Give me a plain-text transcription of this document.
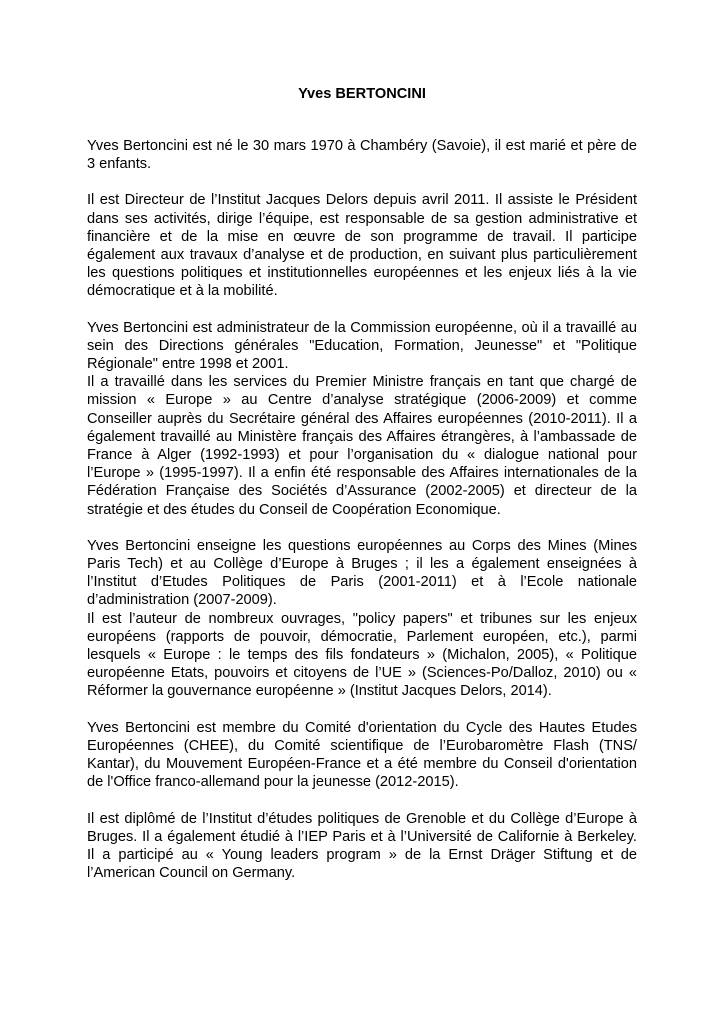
Yves BERTONCINI

Yves Bertoncini est né le 30 mars 1970 à Chambéry (Savoie), il est marié et père de 3 enfants.

Il est Directeur de l’Institut Jacques Delors depuis avril 2011. Il assiste le Président dans ses activités, dirige l’équipe, est responsable de sa gestion administrative et financière et de la mise en œuvre de son programme de travail. Il participe également aux travaux d’analyse et de production, en suivant plus particulièrement les questions politiques et institutionnelles européennes et les enjeux liés à la vie démocratique et à la mobilité.

Yves Bertoncini est administrateur de la Commission européenne, où il a travaillé au sein des Directions générales "Education, Formation, Jeunesse" et "Politique Régionale" entre 1998 et 2001.

Il a travaillé dans les services du Premier Ministre français en tant que chargé de mission « Europe » au Centre d’analyse stratégique (2006-2009) et comme Conseiller auprès du Secrétaire général des Affaires européennes (2010-2011). Il a également travaillé au Ministère français des Affaires étrangères, à l’ambassade de France à Alger (1992-1993) et pour l’organisation du « dialogue national pour l’Europe » (1995-1997). Il a enfin été responsable des Affaires internationales de la Fédération Française des Sociétés d’Assurance (2002-2005) et directeur de la stratégie et des études du Conseil de Coopération Economique.

Yves Bertoncini enseigne les questions européennes au Corps des Mines (Mines Paris Tech) et au Collège d’Europe à Bruges ; il les a également enseignées à l’Institut d’Etudes Politiques de Paris (2001-2011) et à l’Ecole nationale d’administration (2007-2009).

Il est l’auteur de nombreux ouvrages, "policy papers" et tribunes sur les enjeux européens (rapports de pouvoir, démocratie, Parlement européen, etc.), parmi lesquels « Europe : le temps des fils fondateurs » (Michalon, 2005), « Politique européenne Etats, pouvoirs et citoyens de l’UE » (Sciences-Po/Dalloz, 2010) ou « Réformer la gouvernance européenne » (Institut Jacques Delors, 2014).

Yves Bertoncini est membre du Comité d'orientation du Cycle des Hautes Etudes Européennes (CHEE), du Comité scientifique de l’Eurobaromètre Flash (TNS/ Kantar), du Mouvement Européen-France et a été membre du Conseil d'orientation de l'Office franco-allemand pour la jeunesse (2012-2015).

Il est diplômé de l’Institut d’études politiques de Grenoble et du Collège d’Europe à Bruges. Il a également étudié à l’IEP Paris et à l’Université de Californie à Berkeley. Il a participé au « Young leaders program » de la Ernst Dräger Stiftung et de l’American Council on Germany.
